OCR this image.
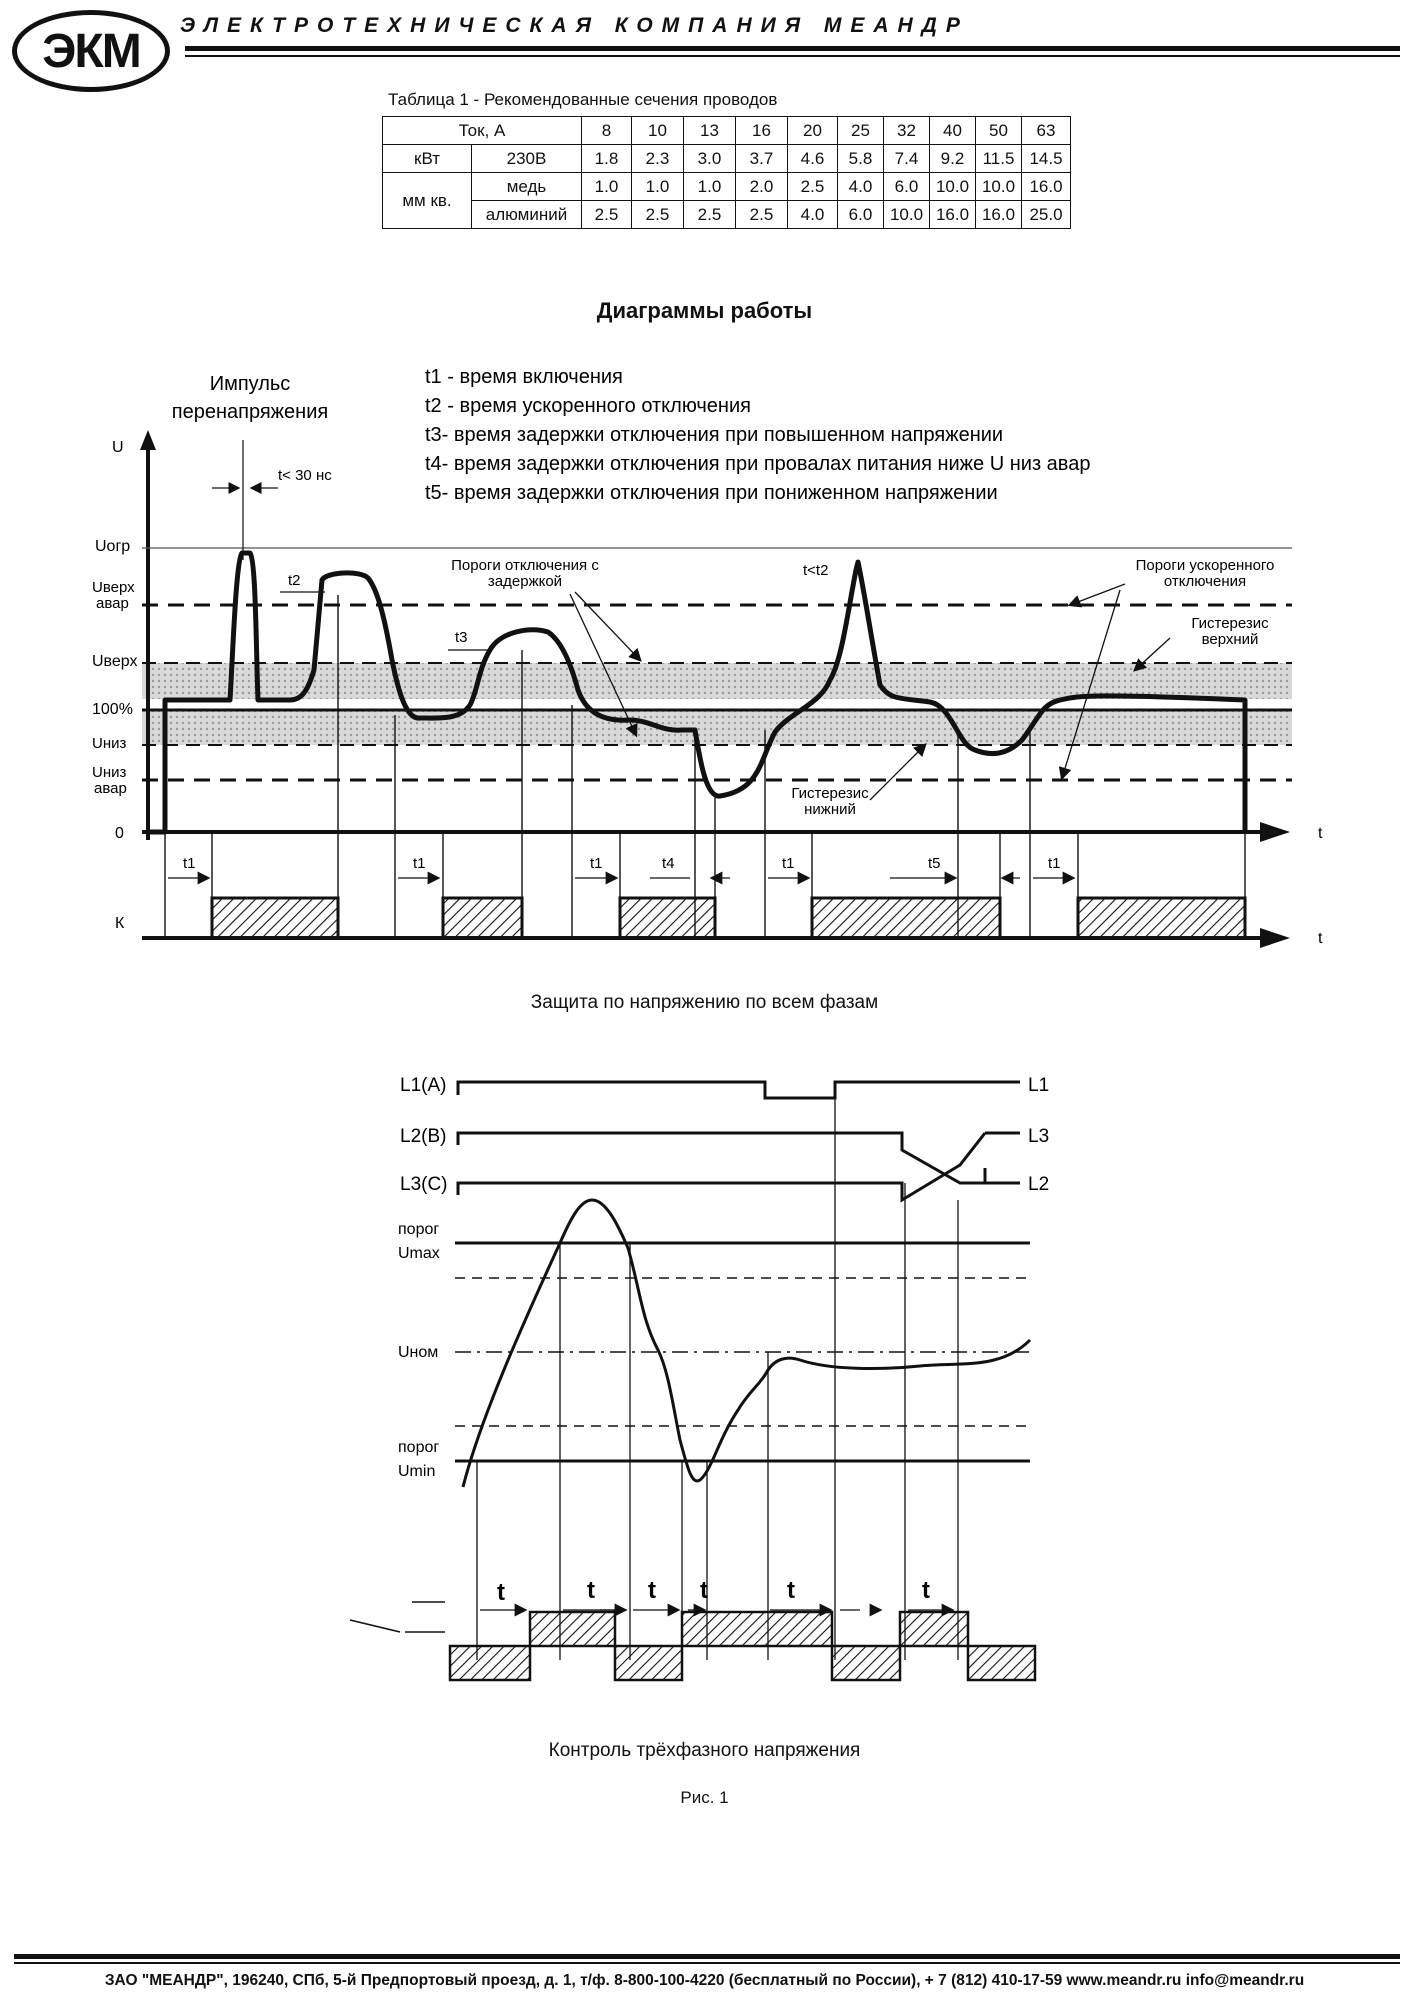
ЭКМ ЭЛЕКТРОТЕХНИЧЕСКАЯ КОМПАНИЯ МЕАНДР
Таблица 1 - Рекомендованные сечения проводов
Ток, А		8	10	13	16	20	25	32	40	50	63
кВт	230В	1.8	2.3	3.0	3.7	4.6	5.8	7.4	9.2	11.5	14.5
мм кв.	медь	1.0	1.0	1.0	2.0	2.5	4.0	6.0	10.0	10.0	16.0
	алюминий	2.5	2.5	2.5	2.5	4.0	6.0	10.0	16.0	16.0	25.0
Диаграммы работы
U
Uогр
Uверх
авар
Uверх
100%
Uниз
Uниз
авар
0
К
t
t
Импульс
перенапряжения
t< 30 нс
t1 - время включения
t2 - время ускоренного отключения
t3- время задержки отключения при повышенном напряжении
t4- время задержки отключения при провалах питания ниже U низ авар
t5- время задержки отключения при пониженном напряжении
Пороги отключения с
задержкой
Пороги ускоренного
отключения
Гистерезис
верхний
Гистерезис
нижний
t2
t3
t<t2
t1	t1	t1	t4	t1	t5	t1
Защита по напряжению по всем фазам
L1(A)
L2(B)
L3(C)
L1
L3
L2
порог
Umax
Uном
порог
Umin
t	t t t	t	t
Контроль трёхфазного напряжения
Рис. 1
ЗАО "МЕАНДР", 196240, СПб, 5-й Предпортовый проезд, д. 1, т/ф. 8-800-100-4220 (бесплатный по России), + 7 (812) 410-17-59 www.meandr.ru info@meandr.ru
